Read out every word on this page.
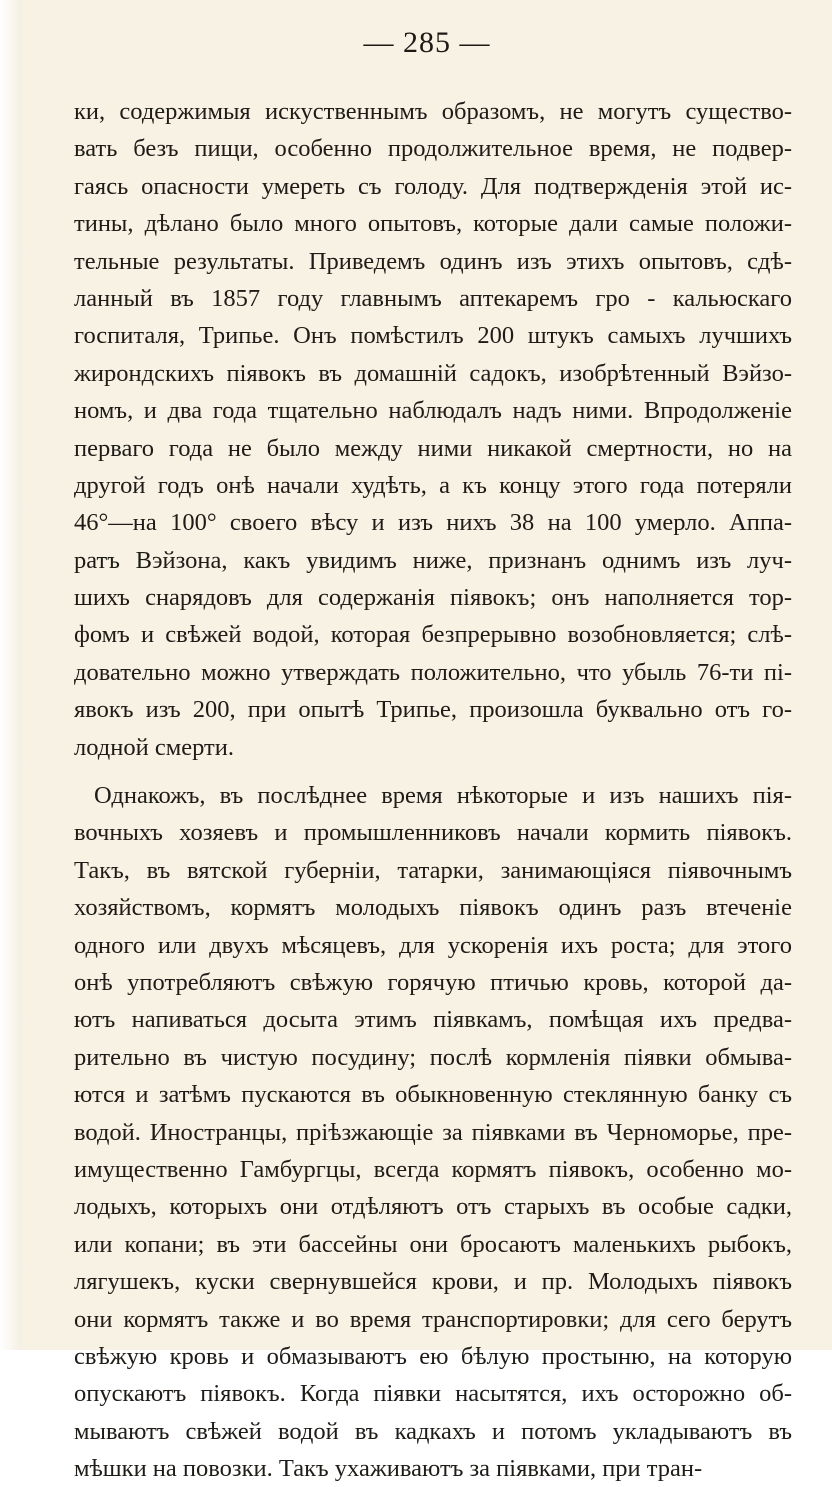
— 285 —
ки, содержимыя искуственнымъ образомъ, не могутъ существо-
вать безъ пищи, особенно продолжительное время, не подвер-
гаясь опасности умереть съ голоду. Для подтвержденія этой ис-
тины, дѣлано было много опытовъ, которые дали самые положи-
тельные результаты. Приведемъ одинъ изъ этихъ опытовъ, сдѣ-
ланный въ 1857 году главнымъ аптекаремъ гро - кальюскаго
госпиталя, Трипье. Онъ помѣстилъ 200 штукъ самыхъ лучшихъ
жирондскихъ піявокъ въ домашній садокъ, изобрѣтенный Вэйзо-
номъ, и два года тщательно наблюдалъ надъ ними. Впродолженіе
перваго года не было между ними никакой смертности, но на
другой годъ онѣ начали худѣть, а къ концу этого года потеряли
46°—на 100° своего вѣсу и изъ нихъ 38 на 100 умерло. Аппа-
ратъ Вэйзона, какъ увидимъ ниже, признанъ однимъ изъ луч-
шихъ снарядовъ для содержанія піявокъ; онъ наполняется тор-
фомъ и свѣжей водой, которая безпрерывно возобновляется; слѣ-
довательно можно утверждать положительно, что убыль 76-ти пі-
явокъ изъ 200, при опытѣ Трипье, произошла буквально отъ го-
лодной смерти.
Однакожъ, въ послѣднее время нѣкоторые и изъ нашихъ пія-
вочныхъ хозяевъ и промышленниковъ начали кормить піявокъ.
Такъ, въ вятской губерніи, татарки, занимающіяся піявочнымъ
хозяйствомъ, кормятъ молодыхъ піявокъ одинъ разъ втеченіе
одного или двухъ мѣсяцевъ, для ускоренія ихъ роста; для этого
онѣ употребляютъ свѣжую горячую птичью кровь, которой да-
ютъ напиваться досыта этимъ піявкамъ, помѣщая ихъ предва-
рительно въ чистую посудину; послѣ кормленія піявки обмыва-
ются и затѣмъ пускаются въ обыкновенную стеклянную банку съ
водой. Иностранцы, пріѣзжающіе за піявками въ Черноморье, пре-
имущественно Гамбургцы, всегда кормятъ піявокъ, особенно мо-
лодыхъ, которыхъ они отдѣляютъ отъ старыхъ въ особые садки,
или копани; въ эти бассейны они бросаютъ маленькихъ рыбокъ,
лягушекъ, куски свернувшейся крови, и пр. Молодыхъ піявокъ
они кормятъ также и во время транспортировки; для сего берутъ
свѣжую кровь и обмазываютъ ею бѣлую простыню, на которую
опускаютъ піявокъ. Когда піявки насытятся, ихъ осторожно об-
мываютъ свѣжей водой въ кадкахъ и потомъ укладываютъ въ
мѣшки на повозки. Такъ ухаживаютъ за піявками, при тран-
